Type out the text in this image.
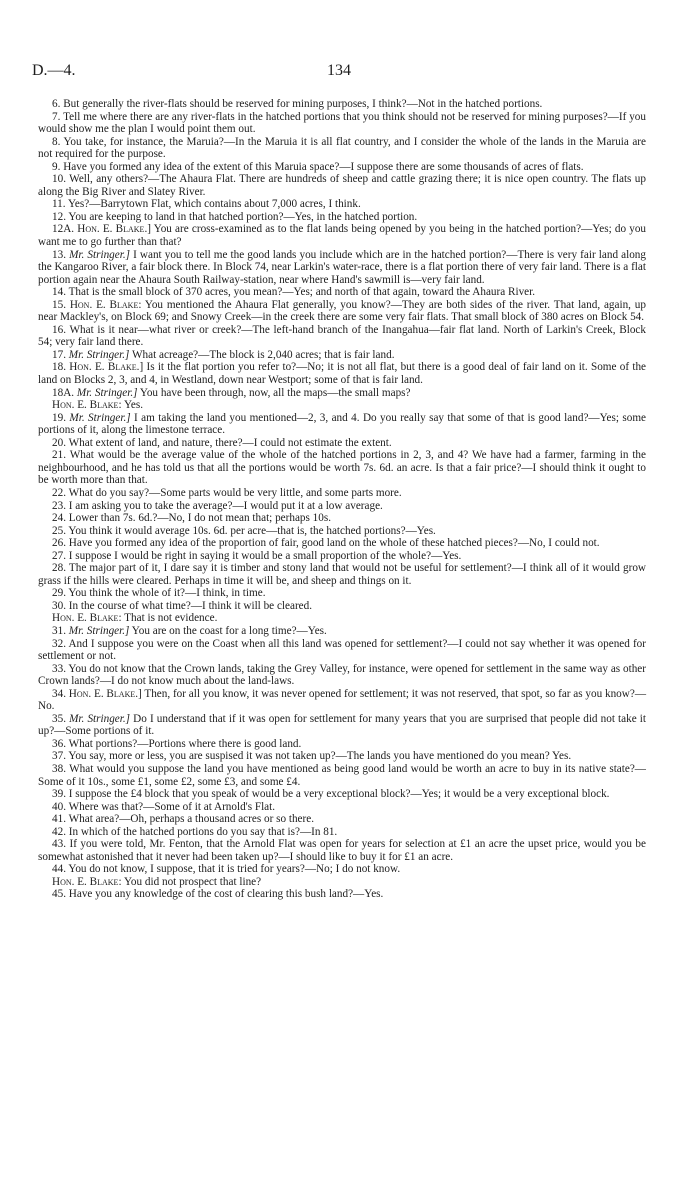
D.—4.	134

6. But generally the river-flats should be reserved for mining purposes, I think?—Not in the hatched portions.

7. Tell me where there are any river-flats in the hatched portions that you think should not be reserved for mining purposes?—If you would show me the plan I would point them out.

8. You take, for instance, the Maruia?—In the Maruia it is all flat country, and I consider the whole of the lands in the Maruia are not required for the purpose.

9. Have you formed any idea of the extent of this Maruia space?—I suppose there are some thousands of acres of flats.

10. Well, any others?—The Ahaura Flat. There are hundreds of sheep and cattle grazing there; it is nice open country. The flats up along the Big River and Slatey River.

11. Yes?—Barrytown Flat, which contains about 7,000 acres, I think.

12. You are keeping to land in that hatched portion?—Yes, in the hatched portion.

12A. Hon. E. Blake.] You are cross-examined as to the flat lands being opened by you being in the hatched portion?—Yes; do you want me to go further than that?

13. Mr. Stringer.] I want you to tell me the good lands you include which are in the hatched portion?—There is very fair land along the Kangaroo River, a fair block there. In Block 74, near Larkin's water-race, there is a flat portion there of very fair land. There is a flat portion again near the Ahaura South Railway-station, near where Hand's sawmill is—very fair land.

14. That is the small block of 370 acres, you mean?—Yes; and north of that again, toward the Ahaura River.

15. Hon. E. Blake: You mentioned the Ahaura Flat generally, you know?—They are both sides of the river. That land, again, up near Mackley's, on Block 69; and Snowy Creek—in the creek there are some very fair flats. That small block of 380 acres on Block 54.

16. What is it near—what river or creek?—The left-hand branch of the Inangahua—fair flat land. North of Larkin's Creek, Block 54; very fair land there.

17. Mr. Stringer.] What acreage?—The block is 2,040 acres; that is fair land.

18. Hon. E. Blake.] Is it the flat portion you refer to?—No; it is not all flat, but there is a good deal of fair land on it. Some of the land on Blocks 2, 3, and 4, in Westland, down near Westport; some of that is fair land.

18A. Mr. Stringer.] You have been through, now, all the maps—the small maps?

Hon. E. Blake: Yes.

19. Mr. Stringer.] I am taking the land you mentioned—2, 3, and 4. Do you really say that some of that is good land?—Yes; some portions of it, along the limestone terrace.

20. What extent of land, and nature, there?—I could not estimate the extent.

21. What would be the average value of the whole of the hatched portions in 2, 3, and 4? We have had a farmer, farming in the neighbourhood, and he has told us that all the portions would be worth 7s. 6d. an acre. Is that a fair price?—I should think it ought to be worth more than that.

22. What do you say?—Some parts would be very little, and some parts more.

23. I am asking you to take the average?—I would put it at a low average.

24. Lower than 7s. 6d.?—No, I do not mean that; perhaps 10s.

25. You think it would average 10s. 6d. per acre—that is, the hatched portions?—Yes.

26. Have you formed any idea of the proportion of fair, good land on the whole of these hatched pieces?—No, I could not.

27. I suppose I would be right in saying it would be a small proportion of the whole?—Yes.

28. The major part of it, I dare say it is timber and stony land that would not be useful for settlement?—I think all of it would grow grass if the hills were cleared. Perhaps in time it will be, and sheep and things on it.

29. You think the whole of it?—I think, in time.

30. In the course of what time?—I think it will be cleared.

Hon. E. Blake: That is not evidence.

31. Mr. Stringer.] You are on the coast for a long time?—Yes.

32. And I suppose you were on the Coast when all this land was opened for settlement?—I could not say whether it was opened for settlement or not.

33. You do not know that the Crown lands, taking the Grey Valley, for instance, were opened for settlement in the same way as other Crown lands?—I do not know much about the land-laws.

34. Hon. E. Blake.] Then, for all you know, it was never opened for settlement; it was not reserved, that spot, so far as you know?—No.

35. Mr. Stringer.] Do I understand that if it was open for settlement for many years that you are surprised that people did not take it up?—Some portions of it.

36. What portions?—Portions where there is good land.

37. You say, more or less, you are suspised it was not taken up?—The lands you have mentioned do you mean? Yes.

38. What would you suppose the land you have mentioned as being good land would be worth an acre to buy in its native state?—Some of it 10s., some £1, some £2, some £3, and some £4.

39. I suppose the £4 block that you speak of would be a very exceptional block?—Yes; it would be a very exceptional block.

40. Where was that?—Some of it at Arnold's Flat.

41. What area?—Oh, perhaps a thousand acres or so there.

42. In which of the hatched portions do you say that is?—In 81.

43. If you were told, Mr. Fenton, that the Arnold Flat was open for years for selection at £1 an acre the upset price, would you be somewhat astonished that it never had been taken up?—I should like to buy it for £1 an acre.

44. You do not know, I suppose, that it is tried for years?—No; I do not know.

Hon. E. Blake: You did not prospect that line?

45. Have you any knowledge of the cost of clearing this bush land?—Yes.
